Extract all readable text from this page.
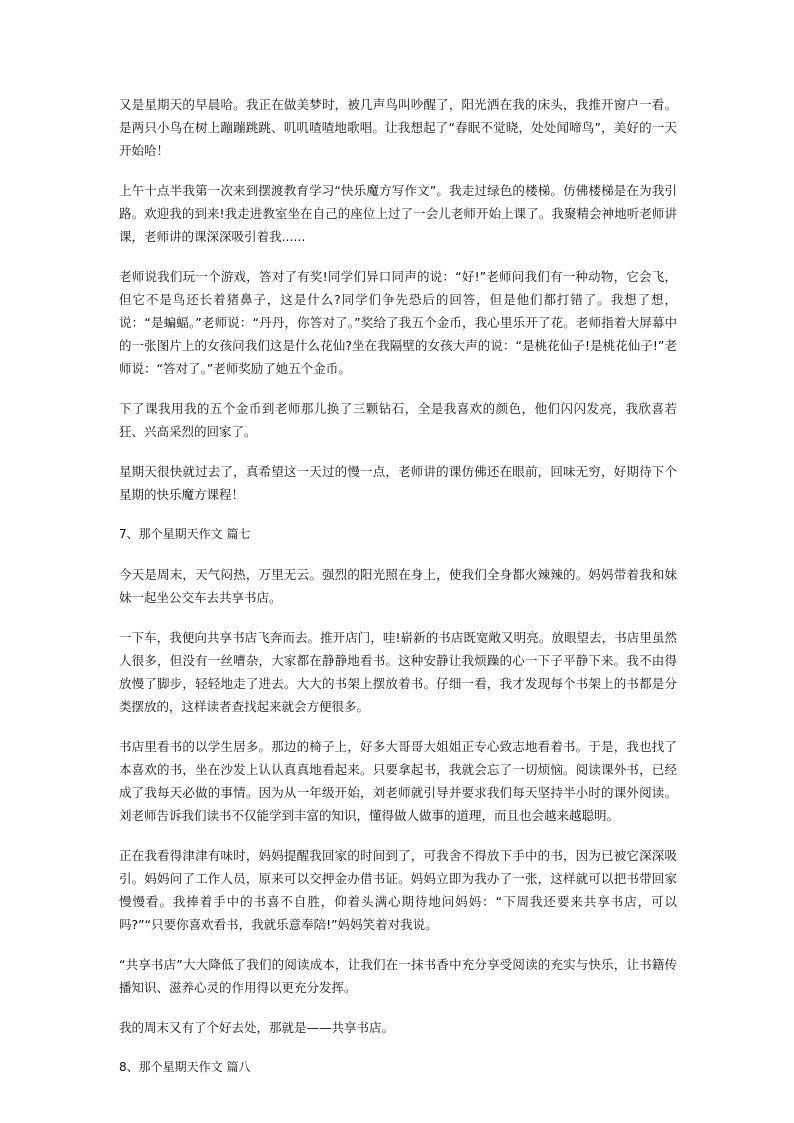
又是星期天的早晨哈。我正在做美梦时，被几声鸟叫吵醒了，阳光洒在我的床头，我推开窗户一看。是两只小鸟在树上蹦蹦跳跳、叽叽喳喳地歌唱。让我想起了“春眠不觉晓，处处闻啼鸟”，美好的一天开始哈！

上午十点半我第一次来到摆渡教育学习“快乐魔方写作文”。我走过绿色的楼梯。仿佛楼梯是在为我引路。欢迎我的到来!我走进教室坐在自己的座位上过了一会儿老师开始上课了。我聚精会神地听老师讲课，老师讲的课深深吸引着我......

老师说我们玩一个游戏，答对了有奖!同学们异口同声的说：“好!”老师问我们有一种动物，它会飞，但它不是鸟还长着猪鼻子，这是什么?同学们争先恐后的回答，但是他们都打错了。我想了想，说：“是蝙蝠。”老师说：“丹丹，你答对了。”奖给了我五个金币，我心里乐开了花。老师指着大屏幕中的一张图片上的女孩问我们这是什么花仙?坐在我隔壁的女孩大声的说：“是桃花仙子!是桃花仙子!”老师说：“答对了。”老师奖励了她五个金币。

下了课我用我的五个金币到老师那儿换了三颗钻石，全是我喜欢的颜色，他们闪闪发亮，我欣喜若狂、兴高采烈的回家了。

星期天很快就过去了，真希望这一天过的慢一点，老师讲的课仿佛还在眼前，回味无穷，好期待下个星期的快乐魔方课程！

7、那个星期天作文 篇七

今天是周末，天气闷热，万里无云。强烈的阳光照在身上，使我们全身都火辣辣的。妈妈带着我和妹妹一起坐公交车去共享书店。

一下车，我便向共享书店飞奔而去。推开店门，哇!崭新的书店既宽敞又明亮。放眼望去，书店里虽然人很多，但没有一丝嘈杂，大家都在静静地看书。这种安静让我烦躁的心一下子平静下来。我不由得放慢了脚步，轻轻地走了进去。大大的书架上摆放着书。仔细一看，我才发现每个书架上的书都是分类摆放的，这样读者查找起来就会方便很多。

书店里看书的以学生居多。那边的椅子上，好多大哥哥大姐姐正专心致志地看着书。于是，我也找了本喜欢的书，坐在沙发上认认真真地看起来。只要拿起书，我就会忘了一切烦恼。阅读课外书，已经成了我每天必做的事情。因为从一年级开始，刘老师就引导并要求我们每天坚持半小时的课外阅读。刘老师告诉我们读书不仅能学到丰富的知识，懂得做人做事的道理，而且也会越来越聪明。

正在我看得津津有味时，妈妈提醒我回家的时间到了，可我舍不得放下手中的书，因为已被它深深吸引。妈妈问了工作人员，原来可以交押金办借书证。妈妈立即为我办了一张，这样就可以把书带回家慢慢看。我捧着手中的书喜不自胜，仰着头满心期待地问妈妈：“下周我还要来共享书店，可以吗?”“只要你喜欢看书，我就乐意奉陪!”妈妈笑着对我说。

“共享书店”大大降低了我们的阅读成本，让我们在一抹书香中充分享受阅读的充实与快乐，让书籍传播知识、滋养心灵的作用得以更充分发挥。

我的周末又有了个好去处，那就是——共享书店。

8、那个星期天作文 篇八
